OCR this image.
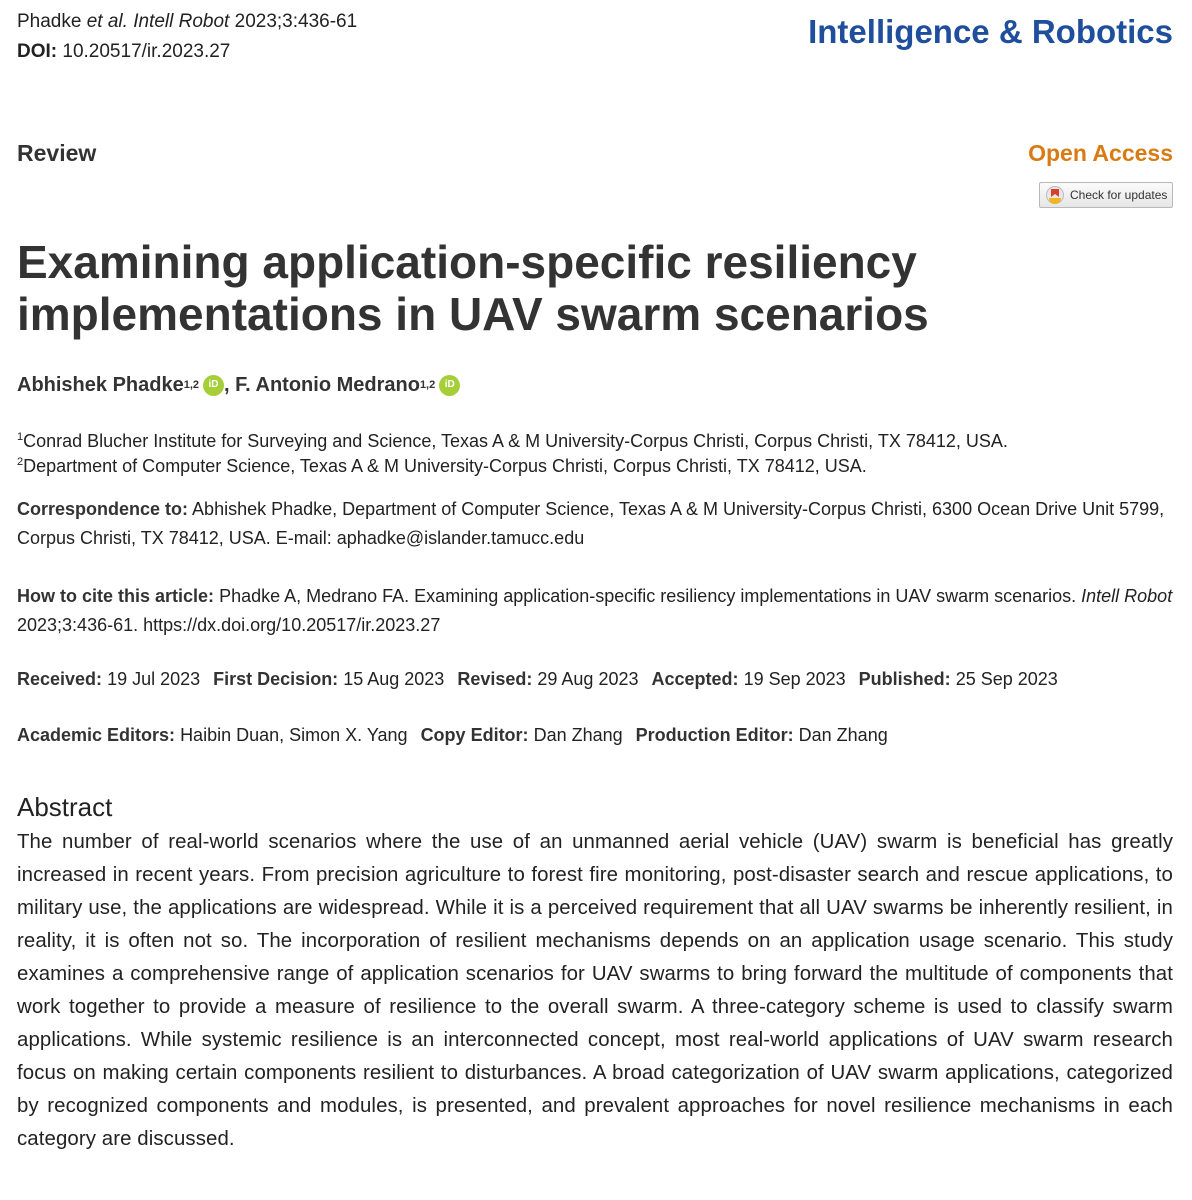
Phadke et al. Intell Robot 2023;3:436-61
DOI: 10.20517/ir.2023.27
Intelligence & Robotics
Review	Open Access
Check for updates
Examining application-specific resiliency implementations in UAV swarm scenarios
Abhishek Phadke 1,2 iD , F. Antonio Medrano 1,2 iD
$^1$Conrad Blucher Institute for Surveying and Science, Texas A & M University-Corpus Christi, Corpus Christi, TX 78412, USA.
$^2$Department of Computer Science, Texas A & M University-Corpus Christi, Corpus Christi, TX 78412, USA.
Correspondence to: Abhishek Phadke, Department of Computer Science, Texas A & M University-Corpus Christi, 6300 Ocean Drive Unit 5799, Corpus Christi, TX 78412, USA. E-mail: aphadke@islander.tamucc.edu
How to cite this article: Phadke A, Medrano FA. Examining application-specific resiliency implementations in UAV swarm scenarios. Intell Robot 2023;3:436-61. https://dx.doi.org/10.20517/ir.2023.27
Received: 19 Jul 2023 First Decision: 15 Aug 2023 Revised: 29 Aug 2023 Accepted: 19 Sep 2023 Published: 25 Sep 2023
Academic Editors: Haibin Duan, Simon X. Yang Copy Editor: Dan Zhang Production Editor: Dan Zhang
Abstract
The number of real-world scenarios where the use of an unmanned aerial vehicle (UAV) swarm is beneficial has greatly increased in recent years. From precision agriculture to forest fire monitoring, post-disaster search and rescue applications, to military use, the applications are widespread. While it is a perceived requirement that all UAV swarms be inherently resilient, in reality, it is often not so. The incorporation of resilient mechanisms depends on an application usage scenario. This study examines a comprehensive range of application scenarios for UAV swarms to bring forward the multitude of components that work together to provide a measure of resilience to the overall swarm. A three-category scheme is used to classify swarm applications. While systemic resilience is an interconnected concept, most real-world applications of UAV swarm research focus on making certain components resilient to disturbances. A broad categorization of UAV swarm applications, categorized by recognized components and modules, is presented, and prevalent approaches for novel resilience mechanisms in each category are discussed.
